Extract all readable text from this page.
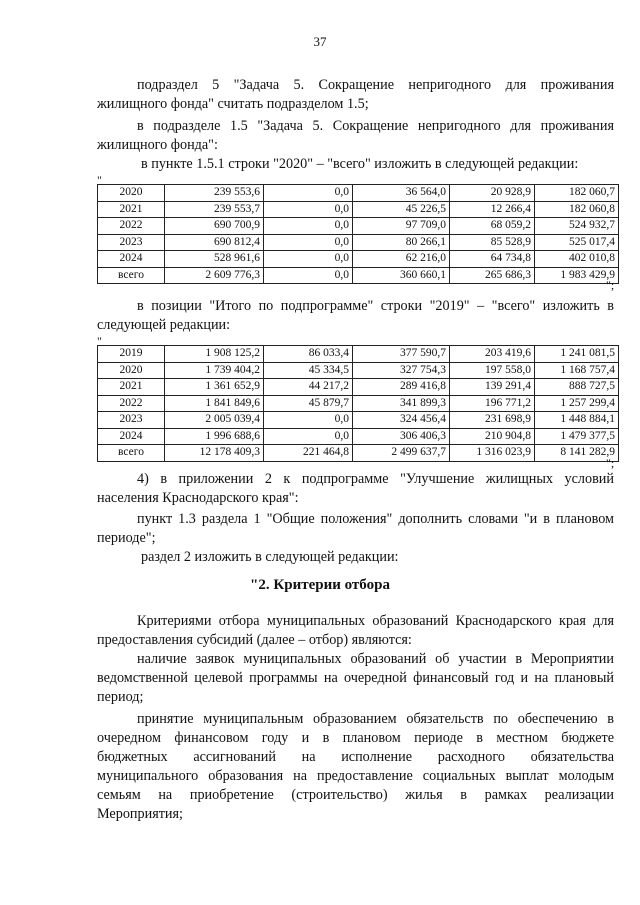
37

подраздел 5 "Задача 5. Сокращение непригодного для проживания

жилищного фонда" считать подразделом 1.5;

в подразделе 1.5 "Задача 5. Сокращение непригодного для проживания

жилищного фонда":

в пункте 1.5.1 строки "2020" – "всего" изложить в следующей редакции:

"
2020	239 553,6	0,0	36 564,0	20 928,9	182 060,7
2021	239 553,7	0,0	45 226,5	12 266,4	182 060,8
2022	690 700,9	0,0	97 709,0	68 059,2	524 932,7
2023	690 812,4	0,0	80 266,1	85 528,9	525 017,4
2024	528 961,6	0,0	62 216,0	64 734,8	402 010,8
всего	2 609 776,3	0,0	360 660,1	265 686,3	1 983 429,9
";

в позиции "Итого по подпрограмме" строки "2019" – "всего" изложить в

следующей редакции:

"
2019	1 908 125,2	86 033,4	377 590,7	203 419,6	1 241 081,5
2020	1 739 404,2	45 334,5	327 754,3	197 558,0	1 168 757,4
2021	1 361 652,9	44 217,2	289 416,8	139 291,4	888 727,5
2022	1 841 849,6	45 879,7	341 899,3	196 771,2	1 257 299,4
2023	2 005 039,4	0,0	324 456,4	231 698,9	1 448 884,1
2024	1 996 688,6	0,0	306 406,3	210 904,8	1 479 377,5
всего	12 178 409,3	221 464,8	2 499 637,7	1 316 023,9	8 141 282,9
";

4) в приложении 2 к подпрограмме "Улучшение жилищных условий

населения Краснодарского края":

пункт 1.3 раздела 1 "Общие положения" дополнить словами "и в плановом

периоде";

раздел 2 изложить в следующей редакции:

"2. Критерии отбора

Критериями отбора муниципальных образований Краснодарского края для

предоставления субсидий (далее – отбор) являются:

наличие заявок муниципальных образований об участии в Мероприятии

ведомственной целевой программы на очередной финансовый год и на плановый

период;

принятие муниципальным образованием обязательств по обеспечению в

очередном финансовом году и в плановом периоде в местном бюджете

бюджетных ассигнований на исполнение расходного обязательства

муниципального образования на предоставление социальных выплат молодым

семьям на приобретение (строительство) жилья в рамках реализации

Мероприятия;
